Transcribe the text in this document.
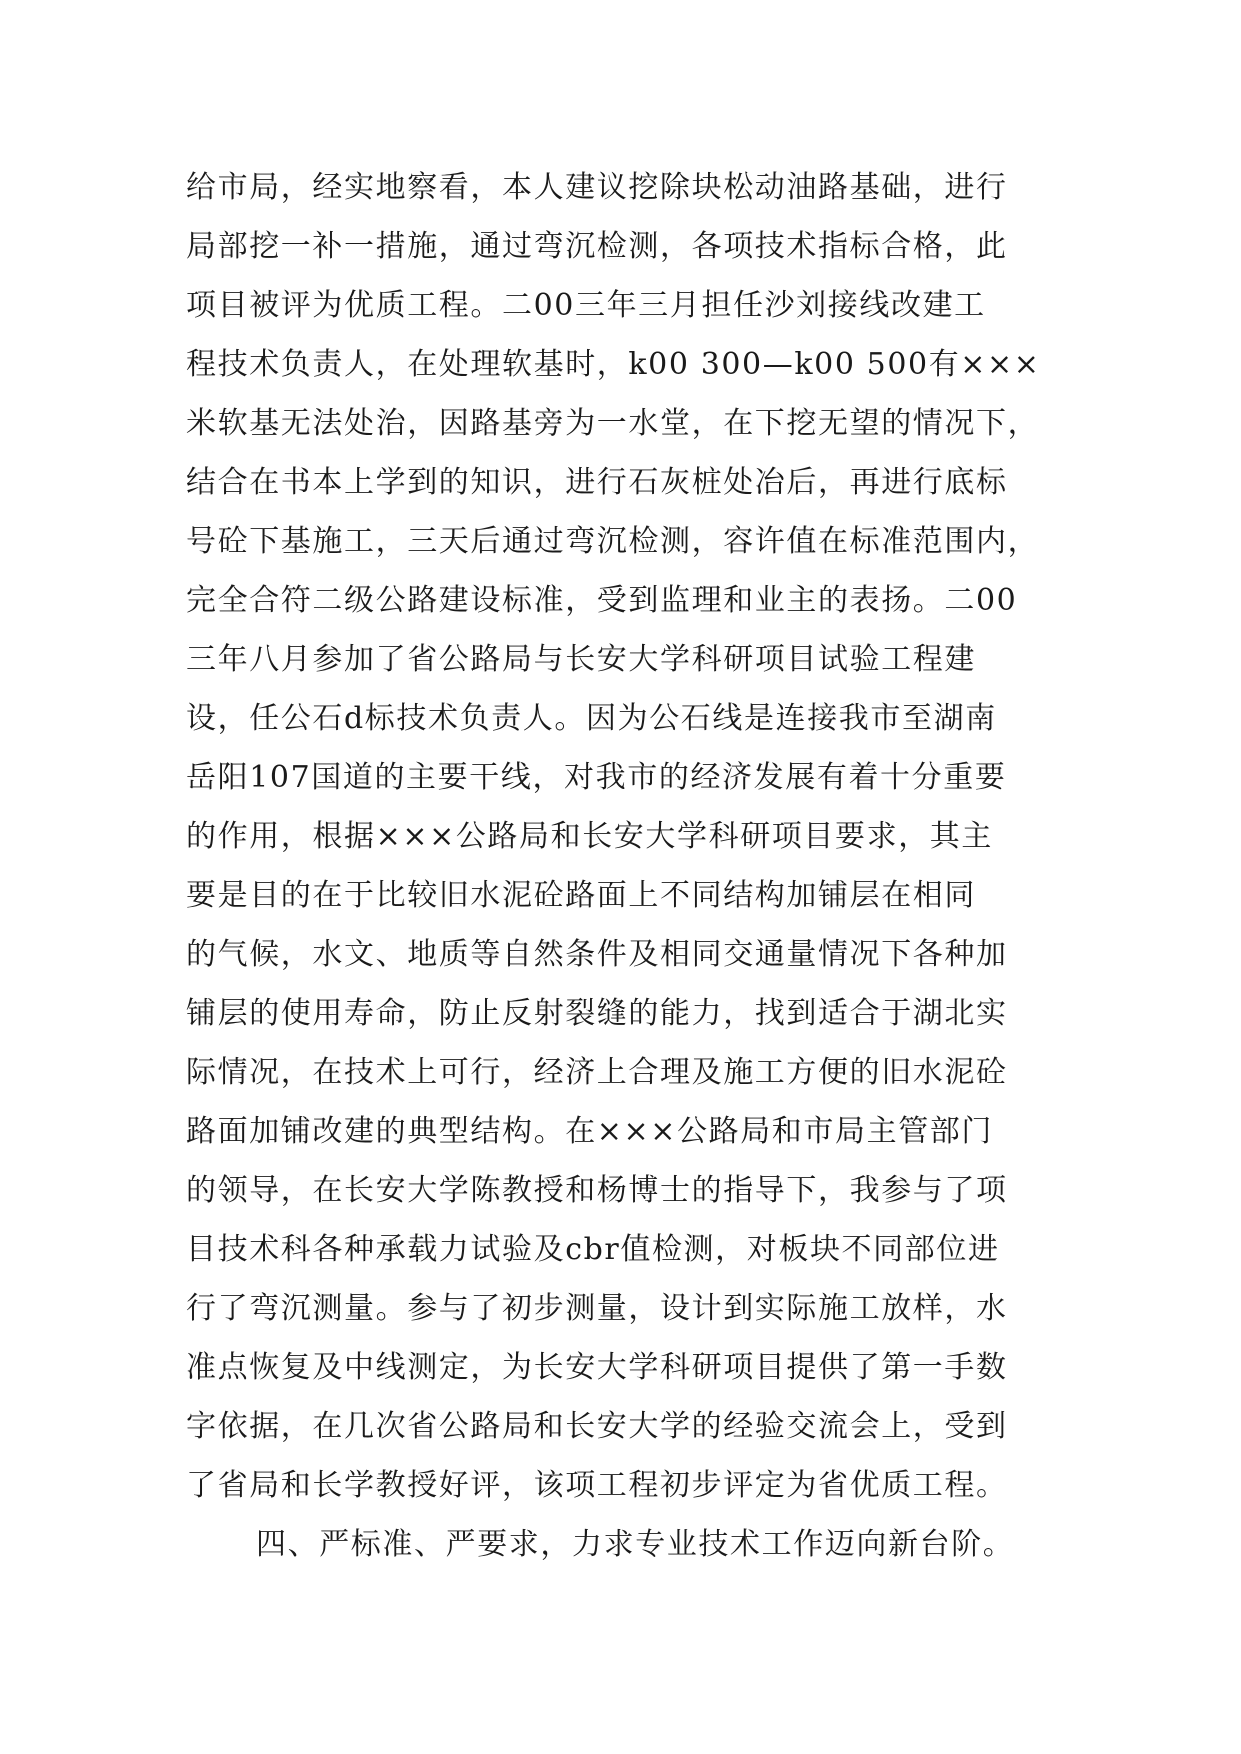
给市局，经实地察看，本人建议挖除块松动油路基础，进行
局部挖一补一措施，通过弯沉检测，各项技术指标合格，此
项目被评为优质工程。二00三年三月担任沙刘接线改建工
程技术负责人，在处理软基时，k00 300—k00 500有×××
米软基无法处治，因路基旁为一水堂，在下挖无望的情况下，
结合在书本上学到的知识，进行石灰桩处冶后，再进行底标
号砼下基施工，三天后通过弯沉检测，容许值在标准范围内，
完全合符二级公路建设标准，受到监理和业主的表扬。二00
三年八月参加了省公路局与长安大学科研项目试验工程建
设，任公石d标技术负责人。因为公石线是连接我市至湖南
岳阳107国道的主要干线，对我市的经济发展有着十分重要
的作用，根据×××公路局和长安大学科研项目要求，其主
要是目的在于比较旧水泥砼路面上不同结构加铺层在相同
的气候，水文、地质等自然条件及相同交通量情况下各种加
铺层的使用寿命，防止反射裂缝的能力，找到适合于湖北实
际情况，在技术上可行，经济上合理及施工方便的旧水泥砼
路面加铺改建的典型结构。在×××公路局和市局主管部门
的领导，在长安大学陈教授和杨博士的指导下，我参与了项
目技术科各种承载力试验及cbr值检测，对板块不同部位进
行了弯沉测量。参与了初步测量，设计到实际施工放样，水
准点恢复及中线测定，为长安大学科研项目提供了第一手数
字依据，在几次省公路局和长安大学的经验交流会上，受到
了省局和长学教授好评，该项工程初步评定为省优质工程。
四、严标准、严要求，力求专业技术工作迈向新台阶。
